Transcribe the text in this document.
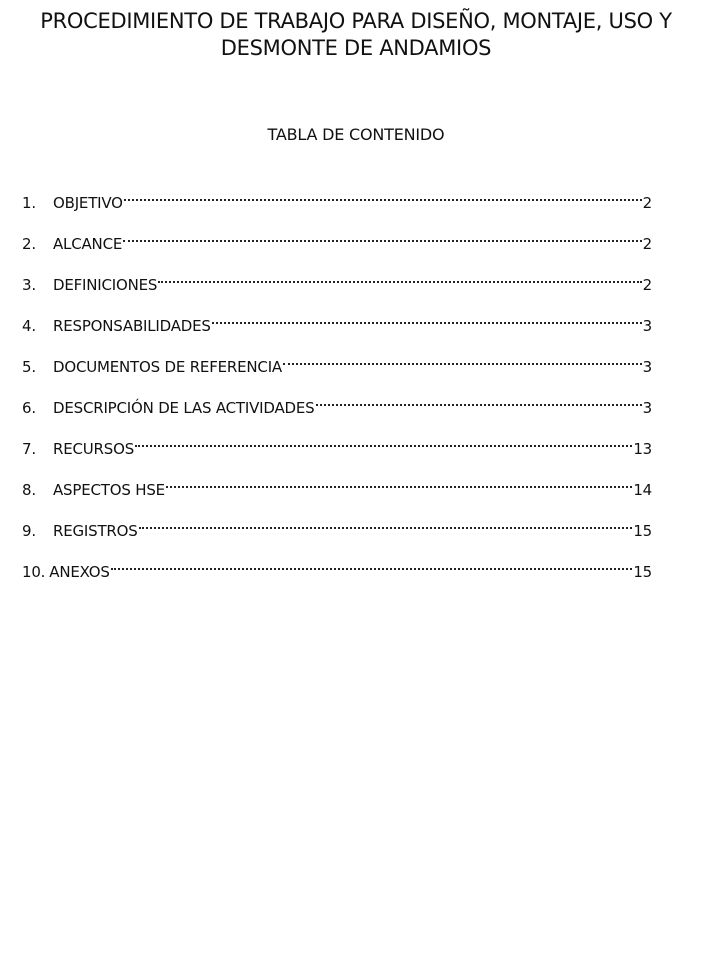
PROCEDIMIENTO DE TRABAJO PARA DISEÑO, MONTAJE, USO Y
DESMONTE DE ANDAMIOS
TABLA DE CONTENIDO
1.	OBJETIVO	2
2.	ALCANCE	2
3.	DEFINICIONES	2
4.	RESPONSABILIDADES	3
5.	DOCUMENTOS DE REFERENCIA	3
6.	DESCRIPCIÓN DE LAS ACTIVIDADES	3
7.	RECURSOS	13
8.	ASPECTOS HSE	14
9.	REGISTROS	15
10. ANEXOS	15
